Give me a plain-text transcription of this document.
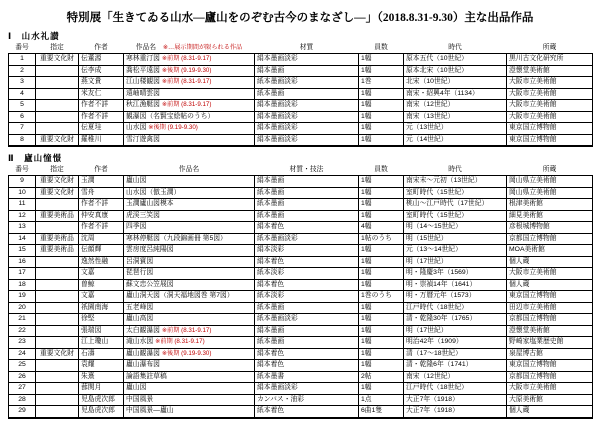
特別展「生きてゐる山水―廬山をのぞむ古今のまなざし―」（2018.8.31-9.30）主な出品作品
Ⅰ　山水礼讃
番号	指定	作者	作品名　 ※…展示期間が限られる作品	材質	員数	時代	所蔵
1	重要文化財	伝董源	寒林重汀図 ※前期 (8.31-9.17)	絹本墨画淡彩	1幅	原本五代（10世紀）	黒川古文化研究所
2		伝李成	喬松平遠図 ※後期 (9.19-9.30)	絹本墨画	1幅	原本北宋（10世紀）	澄懐堂美術館
3		燕文貴	江山楼観図 ※前期 (8.31-9.17)	紙本墨画淡彩	1巻	北宋（10世紀）	大阪市立美術館
4		米友仁	遠岫晴雲図	紙本墨画	1幅	南宋・紹興4年（1134）	大阪市立美術館
5		作者不詳	秋江漁艇図 ※前期 (8.31-9.17)	絹本墨画淡彩	1幅	南宋（12世紀）	大阪市立美術館
6		作者不詳	観瀑図（名賢宝絵帖のうち）	絹本墨画淡彩	1幅	南宋（13世紀）	大阪市立美術館
7		伝夏珪	山水図 ※後期 (9.19-9.30)	絹本墨画淡彩	1幅	元（13世紀）	東京国立博物館
8	重要文化財	羅稚川	雪汀遊禽図	絹本墨画淡彩	1幅	元（14世紀）	東京国立博物館
Ⅱ　廬山憧憬
番号	指定	作者	作品名	材質・技法	員数	時代	所蔵
9	重要文化財	玉澗	廬山図	絹本墨画	1幅	南宋末～元初（13世紀）	岡山県立美術館
10	重要文化財	雪舟	山水図（倣玉澗）	紙本墨画	1幅	室町時代（15世紀）	岡山県立美術館
11		作者不詳	玉澗廬山図模本	紙本墨画	1幅	桃山～江戸時代（17世紀）	根津美術館
12	重要美術品	仲安真康	虎渓三笑図	紙本墨画	1幅	室町時代（15世紀）	細見美術館
13		作者不詳	四季図	絹本着色	4幅	明（14～15世紀）	彦根城博物館
14	重要美術品	沈周	寒林停艇図（九段錦画冊 第5図）	紙本墨画淡彩	1帖のうち	明（15世紀）	京都国立博物館
15	重要美術品	伝顔輝	雲房度呂純陽図	絹本淡彩	1幅	元（13～14世紀）	MOA美術館
16		逸然性融	呂洞賓図	絹本着色	1幅	明（17世紀）	個人蔵
17		文嘉	琵琶行図	紙本淡彩	1幅	明・隆慶3年（1569）	大阪市立美術館
18		曽鯨	蘇文忠公笠屐図	絹本着色	1幅	明・崇禎14年（1641）	個人蔵
19		文嘉	廬山洞天図（洞天福地図巻 第7図）	紙本淡彩	1巻のうち	明・万暦元年（1573）	東京国立博物館
20		祇園南海	五老峰図	紙本墨画	1幅	江戸時代（18世紀）	田辺市立美術館
21		徐堅	廬山高図	紙本墨画淡彩	1幅	清・乾隆30年（1765）	京都国立博物館
22		張瑞図	太白観瀑図 ※前期 (8.31-9.17)	絹本墨画	1幅	明（17世紀）	澄懐堂美術館
23		江上瓊山	滝山水図 ※前期 (8.31-9.17)	紙本墨画	1幅	明治42年（1909）	野崎家塩業歴史館
24	重要文化財	石濤	廬山観瀑図 ※後期 (9.19-9.30)	絹本着色	1幅	清（17～18世紀）	泉屋博古館
25		袁耀	廬山瀑布図	絹本着色	1幅	清・乾隆6年（1741）	東京国立博物館
26		朱熹	論語集註草稿	紙本墨書	2帖	南宋（12世紀）	京都国立博物館
27		蔀関月	廬山図	絹本墨画淡彩	1幅	江戸時代（18世紀）	大阪市立美術館
28		児島虎次郎	中国風景	カンバス・油彩	1点	大正7年（1918）	大原美術館
29		児島虎次郎	中国風景―廬山	紙本着色	6曲1隻	大正7年（1918）	個人蔵
